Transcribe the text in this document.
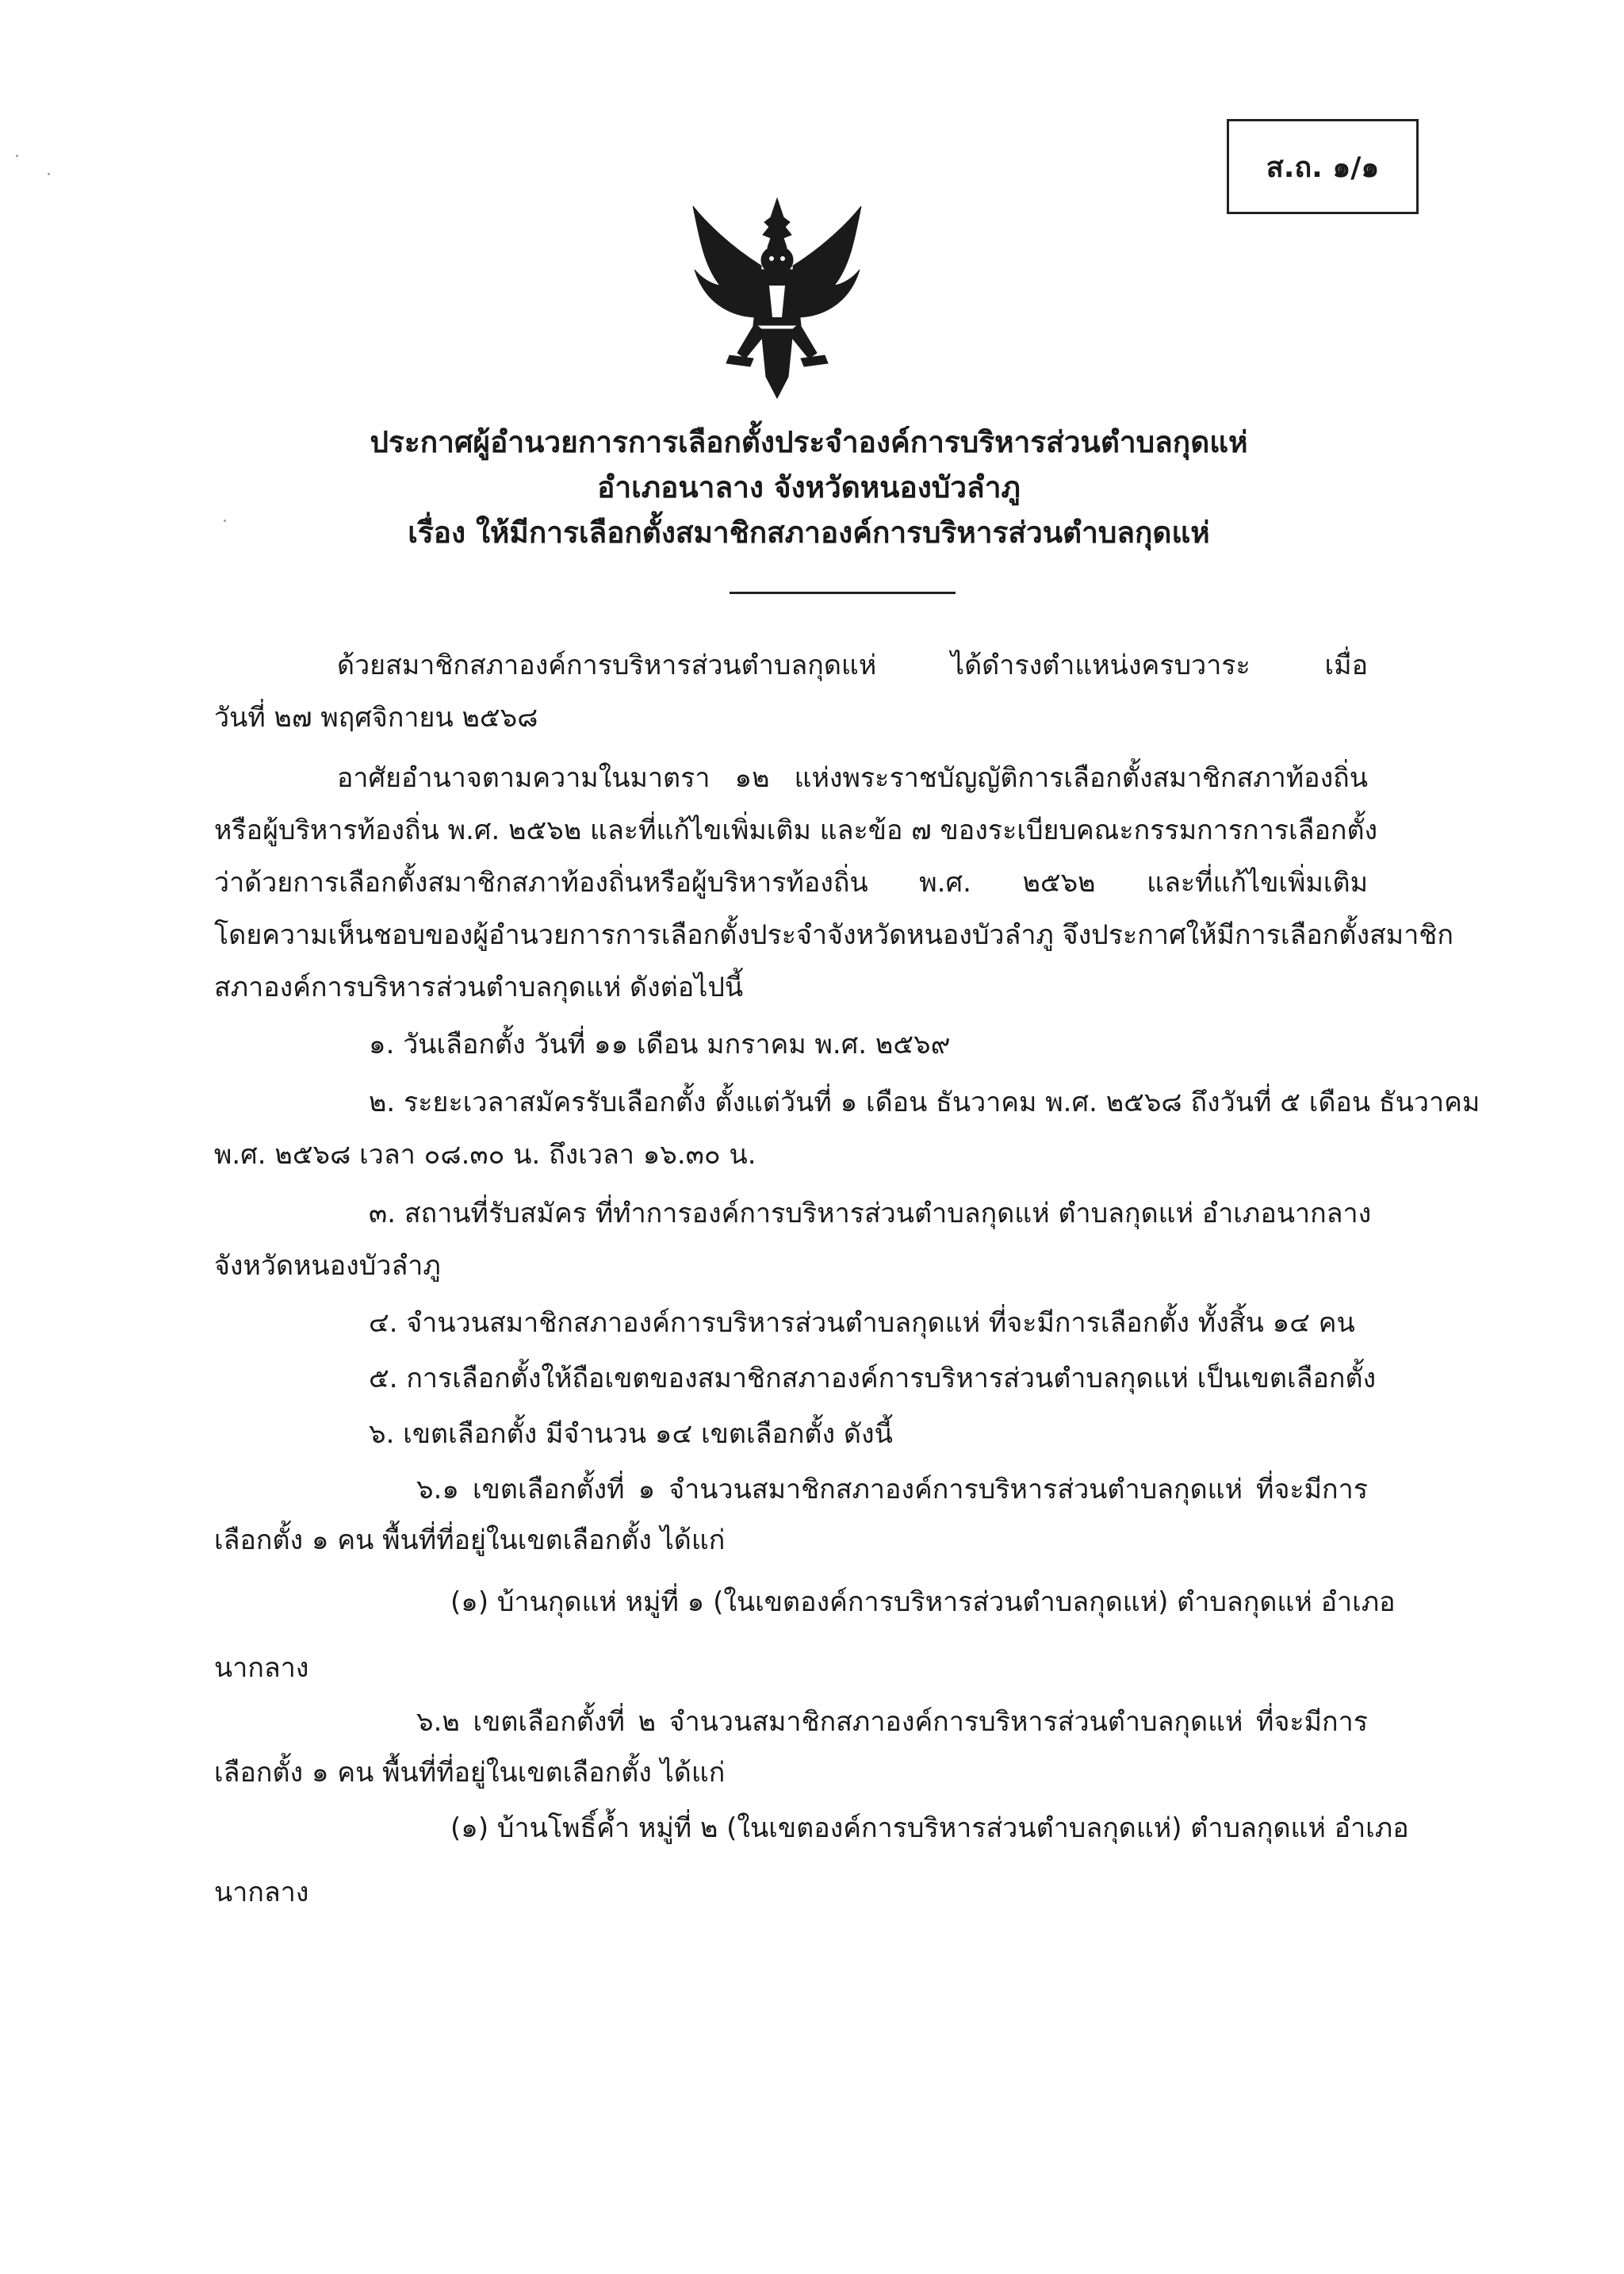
ส.ถ. ๑/๑
ประกาศผู้อำนวยการการเลือกตั้งประจำองค์การบริหารส่วนตำบลกุดแห่
อำเภอนาลาง จังหวัดหนองบัวลำภู
เรื่อง ให้มีการเลือกตั้งสมาชิกสภาองค์การบริหารส่วนตำบลกุดแห่
ด้วยสมาชิกสภาองค์การบริหารส่วนตำบลกุดแห่ ได้ดำรงตำแหน่งครบวาระ เมื่อ
วันที่ ๒๗ พฤศจิกายน ๒๕๖๘
อาศัยอำนาจตามความในมาตรา ๑๒ แห่งพระราชบัญญัติการเลือกตั้งสมาชิกสภาท้องถิ่น
หรือผู้บริหารท้องถิ่น พ.ศ. ๒๕๖๒ และที่แก้ไขเพิ่มเติม และข้อ ๗ ของระเบียบคณะกรรมการการเลือกตั้ง
ว่าด้วยการเลือกตั้งสมาชิกสภาท้องถิ่นหรือผู้บริหารท้องถิ่น พ.ศ. ๒๕๖๒ และที่แก้ไขเพิ่มเติม
โดยความเห็นชอบของผู้อำนวยการการเลือกตั้งประจำจังหวัดหนองบัวลำภู จึงประกาศให้มีการเลือกตั้งสมาชิก
สภาองค์การบริหารส่วนตำบลกุดแห่ ดังต่อไปนี้
๑. วันเลือกตั้ง วันที่ ๑๑ เดือน มกราคม พ.ศ. ๒๕๖๙
๒. ระยะเวลาสมัครรับเลือกตั้ง ตั้งแต่วันที่ ๑ เดือน ธันวาคม พ.ศ. ๒๕๖๘ ถึงวันที่ ๕ เดือน ธันวาคม
พ.ศ. ๒๕๖๘ เวลา ๐๘.๓๐ น. ถึงเวลา ๑๖.๓๐ น.
๓. สถานที่รับสมัคร ที่ทำการองค์การบริหารส่วนตำบลกุดแห่ ตำบลกุดแห่ อำเภอนากลาง
จังหวัดหนองบัวลำภู
๔. จำนวนสมาชิกสภาองค์การบริหารส่วนตำบลกุดแห่ ที่จะมีการเลือกตั้ง ทั้งสิ้น ๑๔ คน
๕. การเลือกตั้งให้ถือเขตของสมาชิกสภาองค์การบริหารส่วนตำบลกุดแห่ เป็นเขตเลือกตั้ง
๖. เขตเลือกตั้ง มีจำนวน ๑๔ เขตเลือกตั้ง ดังนี้
๖.๑ เขตเลือกตั้งที่ ๑ จำนวนสมาชิกสภาองค์การบริหารส่วนตำบลกุดแห่ ที่จะมีการ
เลือกตั้ง ๑ คน พื้นที่ที่อยู่ในเขตเลือกตั้ง ได้แก่
(๑) บ้านกุดแห่ หมู่ที่ ๑ (ในเขตองค์การบริหารส่วนตำบลกุดแห่) ตำบลกุดแห่ อำเภอ
นากลาง
๖.๒ เขตเลือกตั้งที่ ๒ จำนวนสมาชิกสภาองค์การบริหารส่วนตำบลกุดแห่ ที่จะมีการ
เลือกตั้ง ๑ คน พื้นที่ที่อยู่ในเขตเลือกตั้ง ได้แก่
(๑) บ้านโพธิ์ค้ำ หมู่ที่ ๒ (ในเขตองค์การบริหารส่วนตำบลกุดแห่) ตำบลกุดแห่ อำเภอ
นากลาง
